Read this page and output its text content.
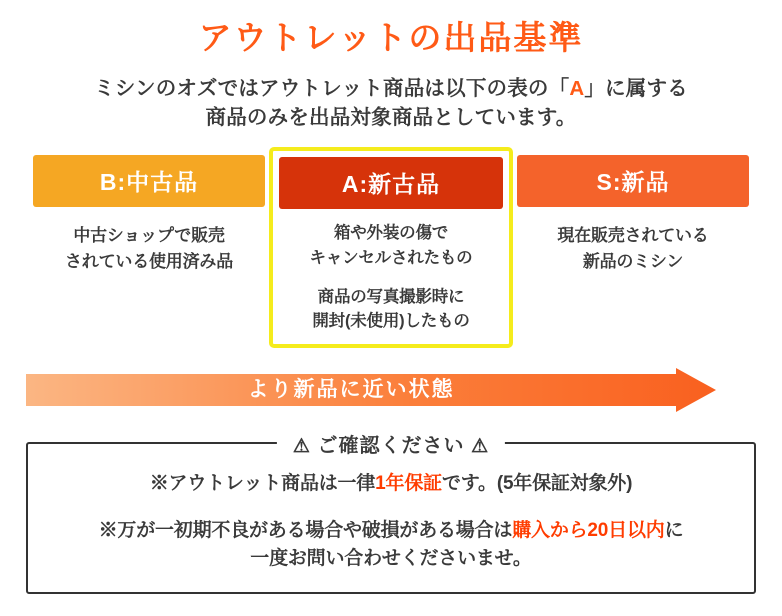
アウトレットの出品基準
ミシンのオズではアウトレット商品は以下の表の「A」に属する
商品のみを出品対象商品としています。
B:中古品
中古ショップで販売
されている使用済み品
A:新古品
箱や外装の傷で
キャンセルされたもの
商品の写真撮影時に
開封(未使用)したもの
S:新品
現在販売されている
新品のミシン
より新品に近い状態
⚠ ご確認ください ⚠
※アウトレット商品は一律1年保証です。(5年保証対象外)
※万が一初期不良がある場合や破損がある場合は購入から20日以内に
一度お問い合わせくださいませ。
